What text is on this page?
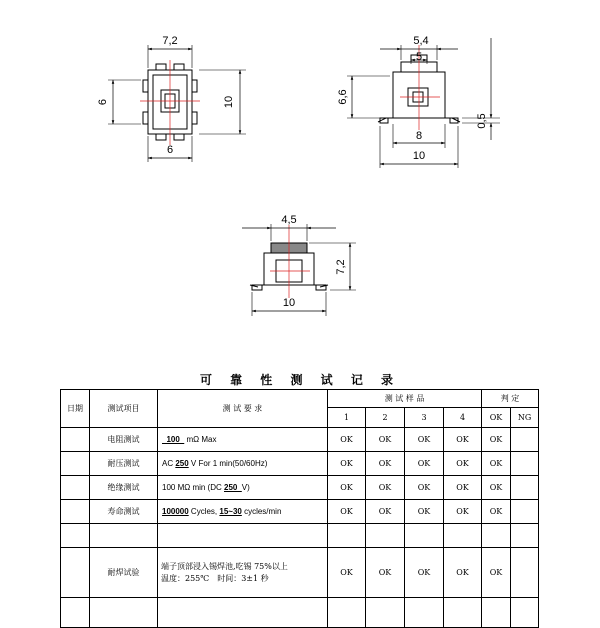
7,2
6	10
6
5,4
5
6,6
0,5
8
10
4,5
7,2
10
可 靠 性 测 试 记 录
日期	测试项目	测 试 要 求	测 试 样 品				判 定	
			1	2	3	4	OK	NG
	电阻测试	100   mΩ Max	OK	OK	OK	OK	OK	
	耐压测试	AC 250 V For 1 min(50/60Hz)	OK	OK	OK	OK	OK	
	绝缘测试	100 MΩ min (DC 250  V)	OK	OK	OK	OK	OK	
	寿命测试	100000 Cycles, 15~30 cycles/min	OK	OK	OK	OK	OK	

	耐焊试验	端子顶部浸入锡焊池,吃锡 75%以上
温度：255℃　时间：3±1 秒	OK	OK	OK	OK	OK	
